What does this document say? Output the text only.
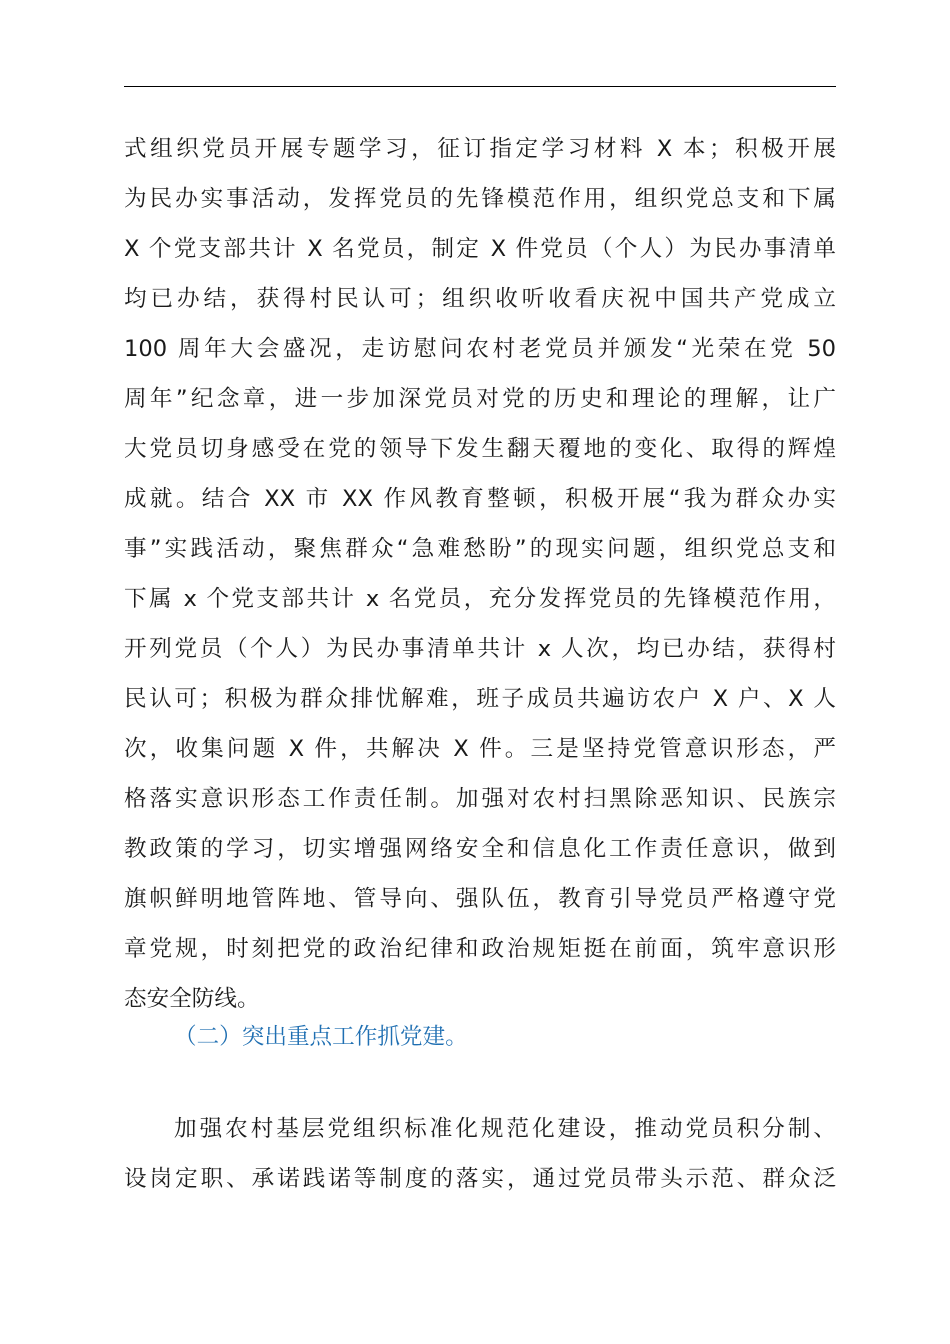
式组织党员开展专题学习，征订指定学习材料 X 本；积极开展
为民办实事活动，发挥党员的先锋模范作用，组织党总支和下属
X 个党支部共计 X 名党员，制定 X 件党员（个人）为民办事清单
均已办结，获得村民认可；组织收听收看庆祝中国共产党成立
100 周年大会盛况，走访慰问农村老党员并颁发“光荣在党 50
周年”纪念章，进一步加深党员对党的历史和理论的理解，让广
大党员切身感受在党的领导下发生翻天覆地的变化、取得的辉煌
成就。结合 XX 市 XX 作风教育整顿，积极开展“我为群众办实
事”实践活动，聚焦群众“急难愁盼”的现实问题，组织党总支和
下属 x 个党支部共计 x 名党员，充分发挥党员的先锋模范作用，
开列党员（个人）为民办事清单共计 x 人次，均已办结，获得村
民认可；积极为群众排忧解难，班子成员共遍访农户 X 户、X 人
次，收集问题 X 件，共解决 X 件。三是坚持党管意识形态，严
格落实意识形态工作责任制。加强对农村扫黑除恶知识、民族宗
教政策的学习，切实增强网络安全和信息化工作责任意识，做到
旗帜鲜明地管阵地、管导向、强队伍，教育引导党员严格遵守党
章党规，时刻把党的政治纪律和政治规矩挺在前面，筑牢意识形
态安全防线。
（二）突出重点工作抓党建。
加强农村基层党组织标准化规范化建设，推动党员积分制、
设岗定职、承诺践诺等制度的落实，通过党员带头示范、群众泛
